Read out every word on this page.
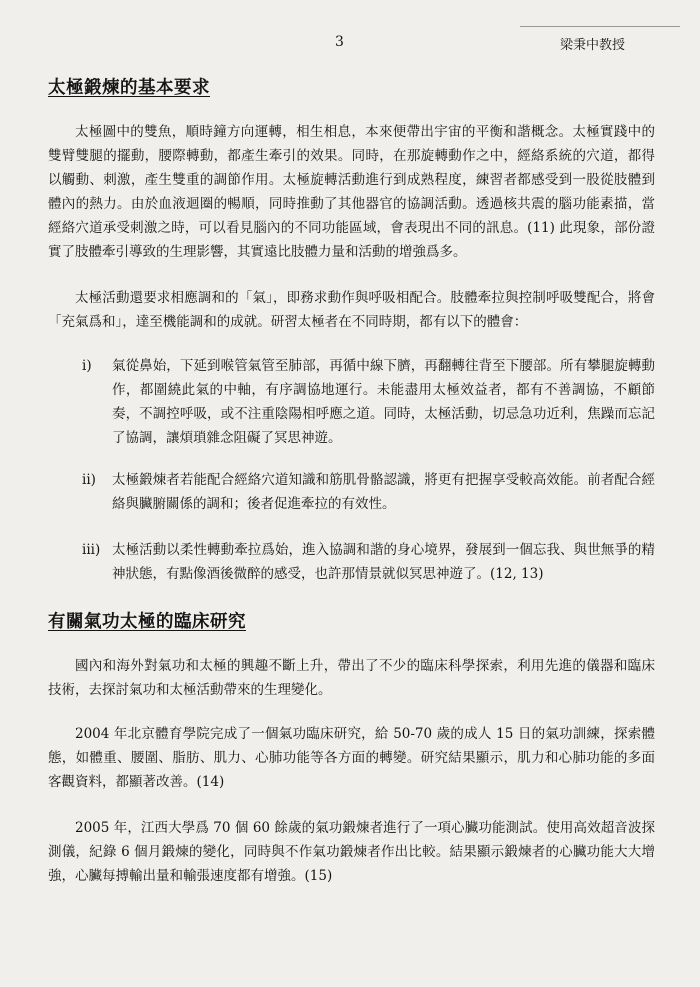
3	梁秉中教授
太極鍛煉的基本要求

太極圖中的雙魚，順時鐘方向運轉，相生相息，本來便帶出宇宙的平衡和諧概念。太極實踐中的雙臂雙腿的擺動，腰際轉動，都產生牽引的效果。同時，在那旋轉動作之中，經絡系統的穴道，都得以觸動、刺激，產生雙重的調節作用。太極旋轉活動進行到成熟程度，練習者都感受到一股從肢體到體內的熱力。由於血液迴圈的暢順，同時推動了其他器官的協調活動。透過核共震的腦功能素描，當經絡穴道承受刺激之時，可以看見腦內的不同功能區域，會表現出不同的訊息。(11) 此現象，部份證實了肢體牽引導致的生理影響，其實遠比肢體力量和活動的增強爲多。

太極活動還要求相應調和的「氣」，即務求動作與呼吸相配合。肢體牽拉與控制呼吸雙配合，將會「充氣爲和」，達至機能調和的成就。研習太極者在不同時期，都有以下的體會：

i) 氣從鼻始，下延到喉管氣管至肺部，再循中線下臍，再翻轉往背至下腰部。所有攀腿旋轉動作，都圍繞此氣的中軸，有序調協地運行。未能盡用太極效益者，都有不善調協，不顧節奏，不調控呼吸，或不注重陰陽相呼應之道。同時，太極活動，切忌急功近利，焦躁而忘記了協調，讓煩瑣雜念阻礙了冥思神遊。

ii) 太極鍛煉者若能配合經絡穴道知識和筋肌骨骼認識，將更有把握享受較高效能。前者配合經絡與臟腑關係的調和；後者促進牽拉的有效性。

iii) 太極活動以柔性轉動牽拉爲始，進入協調和諧的身心境界，發展到一個忘我、與世無爭的精神狀態，有點像酒後微醉的感受，也許那情景就似冥思神遊了。(12, 13)

有關氣功太極的臨床研究

國內和海外對氣功和太極的興趣不斷上升，帶出了不少的臨床科學探索，利用先進的儀器和臨床技術，去探討氣功和太極活動帶來的生理變化。

2004 年北京體育學院完成了一個氣功臨床研究，給 50-70 歲的成人 15 日的氣功訓練，探索體態，如體重、腰圍、脂肪、肌力、心肺功能等各方面的轉變。研究結果顯示，肌力和心肺功能的多面客觀資料，都顯著改善。(14)

2005 年，江西大學爲 70 個 60 餘歲的氣功鍛煉者進行了一項心臟功能測試。使用高效超音波探測儀，紀錄 6 個月鍛煉的變化，同時與不作氣功鍛煉者作出比較。結果顯示鍛煉者的心臟功能大大增強，心臟每搏輸出量和輸張速度都有增強。(15)
